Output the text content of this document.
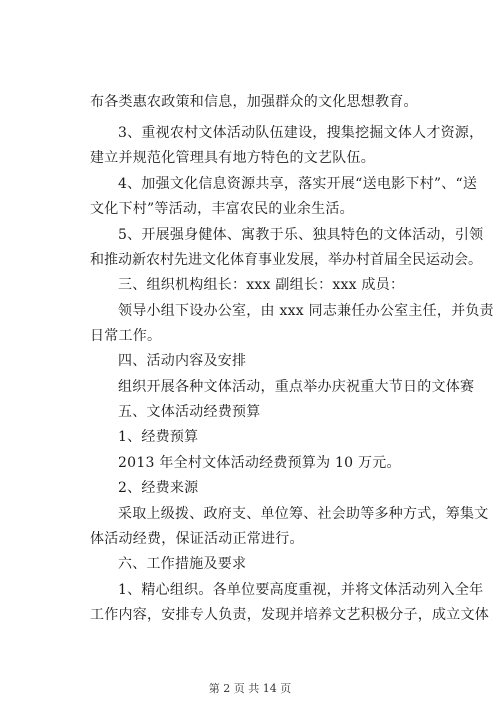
布各类惠农政策和信息，加强群众的文化思想教育。
3、重视农村文体活动队伍建设，搜集挖掘文体人才资源，
建立并规范化管理具有地方特色的文艺队伍。
4、加强文化信息资源共享，落实开展“送电影下村”、“送
文化下村”等活动，丰富农民的业余生活。
5、开展强身健体、寓教于乐、独具特色的文体活动，引领
和推动新农村先进文化体育事业发展，举办村首届全民运动会。
三、组织机构组长：xxx 副组长：xxx 成员：
领导小组下设办公室，由 xxx 同志兼任办公室主任，并负责
日常工作。
四、活动内容及安排
组织开展各种文体活动，重点举办庆祝重大节日的文体赛
五、文体活动经费预算
1、经费预算
2013 年全村文体活动经费预算为 10 万元。
2、经费来源
采取上级拨、政府支、单位筹、社会助等多种方式，筹集文
体活动经费，保证活动正常进行。
六、工作措施及要求
1、精心组织。各单位要高度重视，并将文体活动列入全年
工作内容，安排专人负责，发现并培养文艺积极分子，成立文体
第 2 页 共 14 页
